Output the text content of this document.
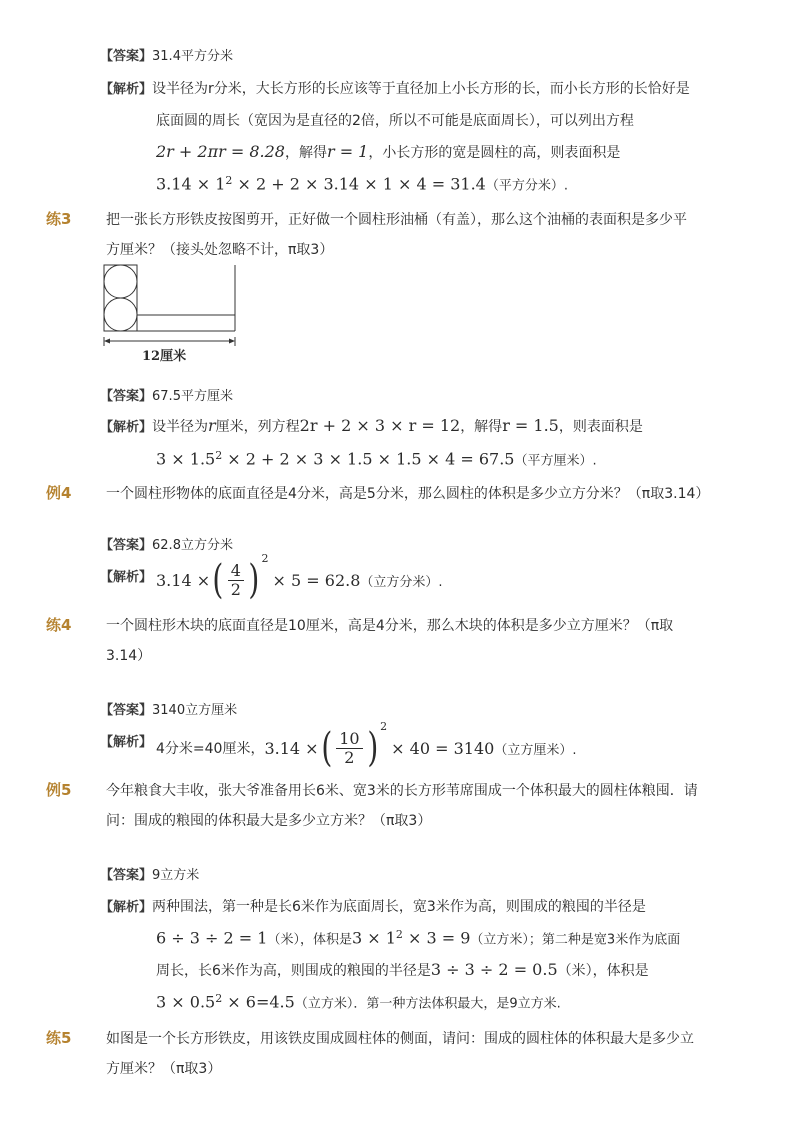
【答案】31.4平方分米
【解析】设半径为r分米，大长方形的长应该等于直径加上小长方形的长，而小长方形的长恰好是
底面圆的周长（宽因为是直径的2倍，所以不可能是底面周长），可以列出方程
2r + 2πr = 8.28，解得r = 1，小长方形的宽是圆柱的高，则表面积是
$3.14 \times 1^2 \times 2 + 2 \times 3.14 \times 1 \times 4 = 31.4$（平方分米）.
练3 把一张长方形铁皮按图剪开，正好做一个圆柱形油桶（有盖），那么这个油桶的表面积是多少平
方厘米？（接头处忽略不计，π取3）
12厘米
【答案】67.5平方厘米
【解析】设半径为r厘米，列方程2r + 2 × 3 × r = 12，解得r = 1.5，则表面积是
$3 \times 1.5^2 \times 2 + 2 \times 3 \times 1.5 \times 1.5 \times 4 = 67.5$（平方厘米）.
例4 一个圆柱形物体的底面直径是4分米，高是5分米，那么圆柱的体积是多少立方分米？（π取3.14）
【答案】62.8立方分米
【解析】 3.14 × ( $\frac{4}{2}$ ) 2
× 5 = 62.8 （立方分米）.
练4 一个圆柱形木块的底面直径是10厘米，高是4分米，那么木块的体积是多少立方厘米？（π取
3.14）
【答案】3140立方厘米
【解析】 4分米=40厘米， 3.14 × ( $\frac{10}{2}$ ) 2
× 40 = 3140 （立方厘米）.
例5 今年粮食大丰收，张大爷准备用长6米、宽3米的长方形苇席围成一个体积最大的圆柱体粮囤．请
问：围成的粮囤的体积最大是多少立方米？（π取3）
【答案】9立方米
【解析】两种围法，第一种是长6米作为底面周长，宽3米作为高，则围成的粮囤的半径是
6 ÷ 3 ÷ 2 = 1（米），体积是$3 \times 1^2 \times 3 = 9$（立方米）；第二种是宽3米作为底面
周长，长6米作为高，则围成的粮囤的半径是3 ÷ 3 ÷ 2 = 0.5（米），体积是
$3 \times 0.5^2 \times 6=4.5$（立方米）．第一种方法体积最大，是9立方米.
练5 如图是一个长方形铁皮，用该铁皮围成圆柱体的侧面，请问：围成的圆柱体的体积最大是多少立
方厘米？（π取3）
